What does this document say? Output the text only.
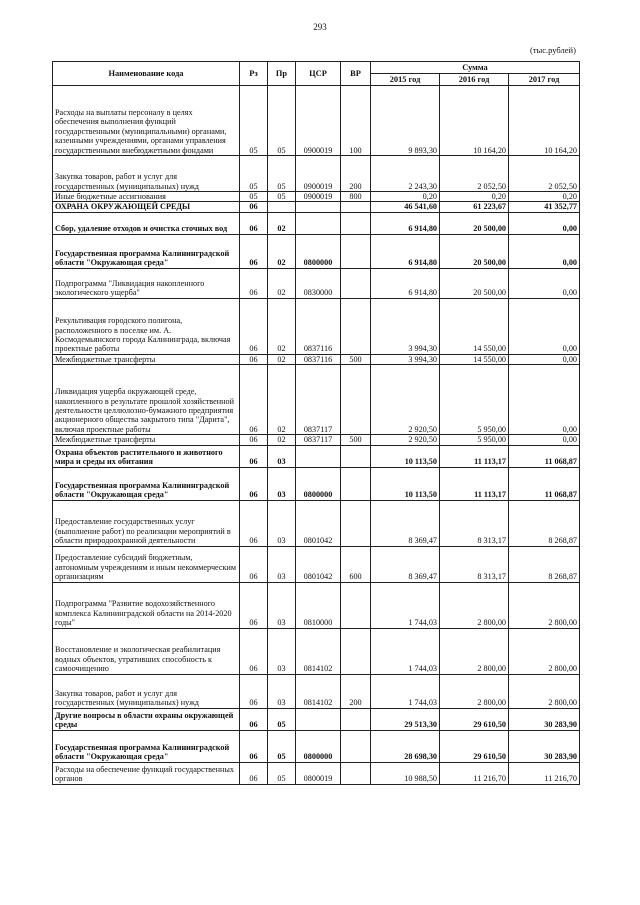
293
(тыс.рублей)
Наименование кода	Рз	Пр	ЦСР	ВР	Сумма		
					2015 год	2016 год	2017 год
Расходы на выплаты персоналу в целях обеспечения выполнения функций государственными (муниципальными) органами, казенными учреждениями, органами управления государственными внебюджетными фондами	05	05	0900019	100	9 893,30	10 164,20	10 164,20
Закупка товаров, работ и услуг для государственных (муниципальных) нужд	05	05	0900019	200	2 243,30	2 052,50	2 052,50
Иные бюджетные ассигнования	05	05	0900019	800	0,20	0,20	0,20
ОХРАНА ОКРУЖАЮЩЕЙ СРЕДЫ	06				46 541,60	61 223,67	41 352,77
Сбор, удаление отходов и очистка сточных вод	06	02			6 914,80	20 500,00	0,00
Государственная программа Калининградской области "Окружающая среда"	06	02	0800000		6 914,80	20 500,00	0,00
Подпрограмма "Ликвидация накопленного экологического ущерба"	06	02	0830000		6 914,80	20 500,00	0,00
Рекультивация городского полигона, расположенного в поселке им. А. Космодемьянского города Калининграда, включая проектные работы	06	02	0837116		3 994,30	14 550,00	0,00
Межбюджетные трансферты	06	02	0837116	500	3 994,30	14 550,00	0,00
Ликвидация ущерба окружающей среде, накопленного в результате прошлой хозяйственной деятельности целлюлозно-бумажного предприятия акционерного общества закрытого типа "Дарита", включая проектные работы	06	02	0837117		2 920,50	5 950,00	0,00
Межбюджетные трансферты	06	02	0837117	500	2 920,50	5 950,00	0,00
Охрана объектов растительного и животного мира и среды их обитания	06	03			10 113,50	11 113,17	11 068,87
Государственная программа Калининградской области "Окружающая среда"	06	03	0800000		10 113,50	11 113,17	11 068,87
Предоставление государственных услуг (выполнение работ) по реализации мероприятий в области природоохранной деятельности	06	03	0801042		8 369,47	8 313,17	8 268,87
Предоставление субсидий бюджетным, автономным учреждениям и иным некоммерческим организациям	06	03	0801042	600	8 369,47	8 313,17	8 268,87
Подпрограмма "Развитие водохозяйственного комплекса Калининградской области на 2014-2020 годы"	06	03	0810000		1 744,03	2 800,00	2 800,00
Восстановление и экологическая реабилитация водных объектов, утративших способность к самоочищению	06	03	0814102		1 744,03	2 800,00	2 800,00
Закупка товаров, работ и услуг для государственных (муниципальных) нужд	06	03	0814102	200	1 744,03	2 800,00	2 800,00
Другие вопросы в области охраны окружающей среды	06	05			29 513,30	29 610,50	30 283,90
Государственная программа Калининградской области "Окружающая среда"	06	05	0800000		28 698,30	29 610,50	30 283,90
Расходы на обеспечение функций государственных органов	06	05	0800019		10 988,50	11 216,70	11 216,70
